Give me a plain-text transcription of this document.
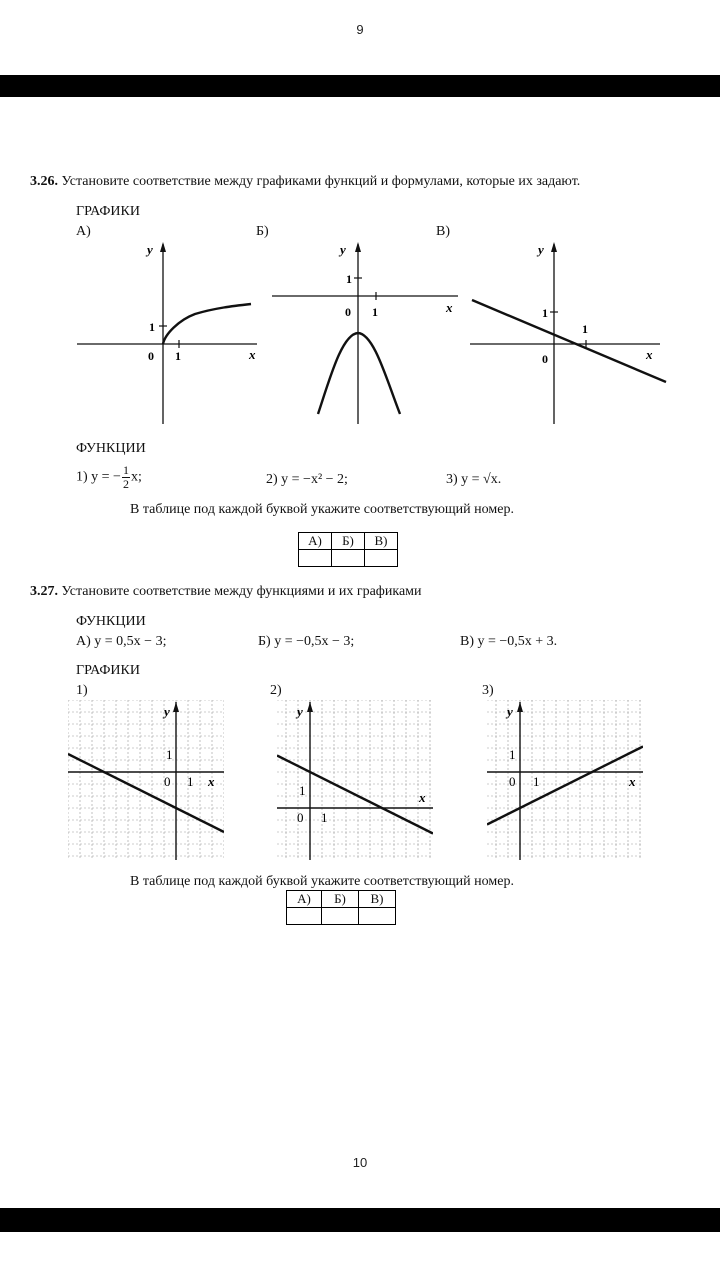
9
3.26. Установите соответствие между графиками функций и формулами, которые их задают.
ГРАФИКИ
А)	Б)	В)
y
x
0 1
1
y
x
0 1
1
y
x
0
1
1
ФУНКЦИИ
1) y = − $\frac{1}{2} x$;	2) y = −x² − 2;	3) y = √x.
В таблице под каждой буквой укажите соответствующий номер.
А)	Б)	В)

3.27. Установите соответствие между функциями и их графиками
ФУНКЦИИ
А) y = 0,5x − 3;	Б) y = −0,5x − 3;	В) y = −0,5x + 3.
ГРАФИКИ
1)	2)	3)
y
x
0 1
1
y
x
0 1
1
y
x
0 1
1
В таблице под каждой буквой укажите соответствующий номер.
А)	Б)	В)

10
